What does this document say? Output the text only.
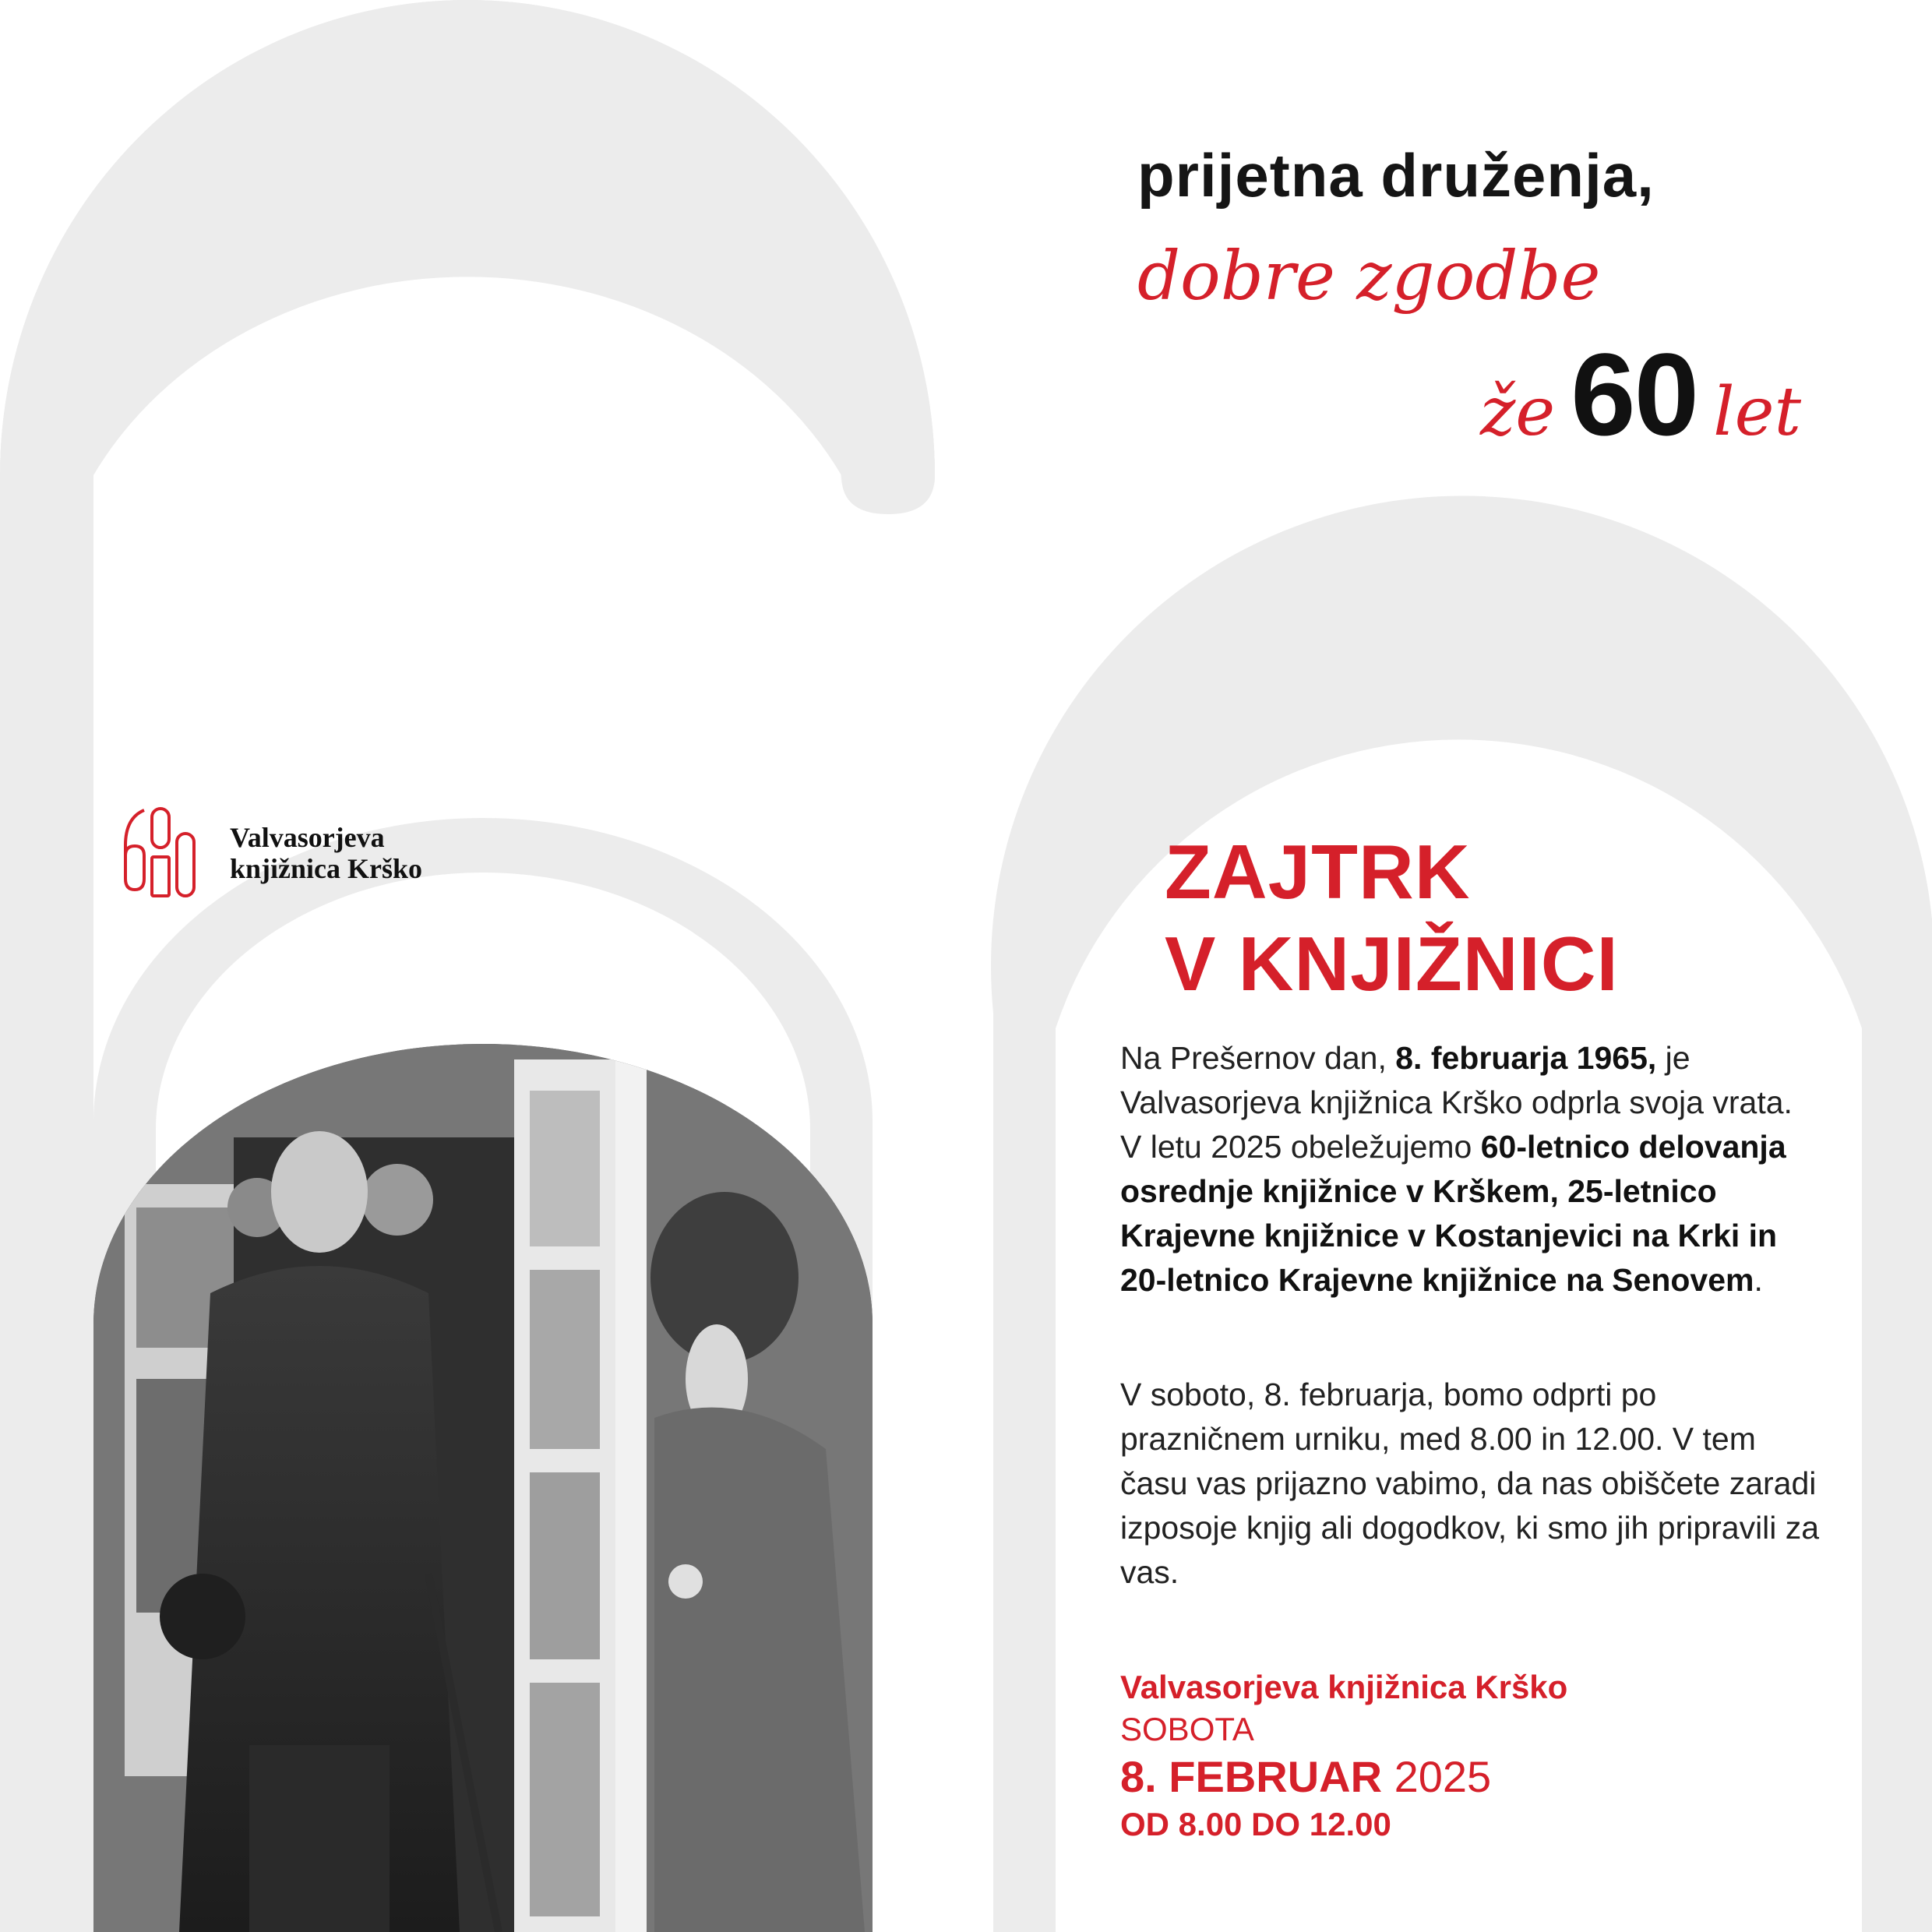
prijetna druženja,
dobre zgodbe
že 60 let
Valvasorjeva
knjižnica Krško	ZAJTRK
V KNJIŽNICI
Na Prešernov dan, 8. februarja 1965, je Valvasorjeva knjižnica Krško odprla svoja vrata. V letu 2025 obeležujemo 60-letnico delovanja osrednje knjižnice v Krškem, 25-letnico Krajevne knjižnice v Kostanjevici na Krki in 20-letnico Krajevne knjižnice na Senovem.
V soboto, 8. februarja, bomo odprti po prazničnem urniku, med 8.00 in 12.00. V tem času vas prijazno vabimo, da nas obiščete zaradi izposoje knjig ali dogodkov, ki smo jih pripravili za vas.
Valvasorjeva knjižnica Krško
SOBOTA
8. FEBRUAR 2025
OD 8.00 DO 12.00
